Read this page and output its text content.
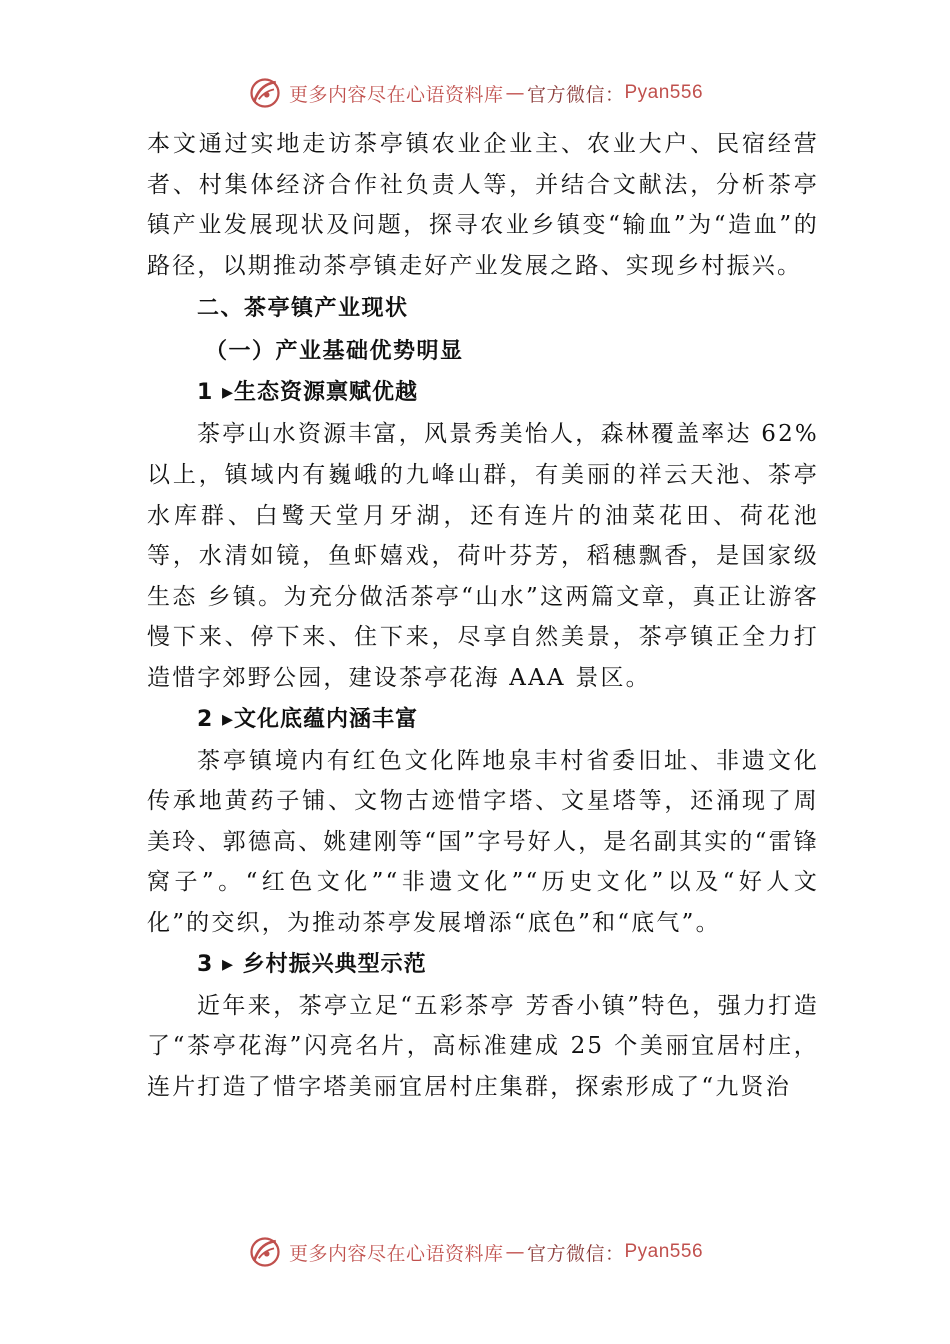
更多内容尽在心语资料库 — 官方微信： Pyan556

本文通过实地走访茶亭镇农业企业主、农业大户、民宿经营者、村集体经济合作社负责人等，并结合文献法，分析茶亭镇产业发展现状及问题，探寻农业乡镇变“输血”为“造血”的路径，以期推动茶亭镇走好产业发展之路、实现乡村振兴。

二、茶亭镇产业现状
（一）产业基础优势明显
1 ▸生态资源禀赋优越

茶亭山水资源丰富，风景秀美怡人，森林覆盖率达 62%以上，镇域内有巍峨的九峰山群，有美丽的祥云天池、茶亭水库群、白鹭天堂月牙湖，还有连片的油菜花田、荷花池等，水清如镜，鱼虾嬉戏，荷叶芬芳，稻穗飘香，是国家级生态 乡镇。为充分做活茶亭“山水”这两篇文章，真正让游客慢下来、停下来、住下来，尽享自然美景，茶亭镇正全力打造惜字郊野公园，建设茶亭花海 AAA 景区。

2 ▸文化底蕴内涵丰富

茶亭镇境内有红色文化阵地泉丰村省委旧址、非遗文化传承地黄药子铺、文物古迹惜字塔、文星塔等，还涌现了周美玲、郭德高、姚建刚等“国”字号好人，是名副其实的“雷锋窝子”。“红色文化”“非遗文化”“历史文化”以及“好人文化”的交织，为推动茶亭发展增添“底色”和“底气”。

3 ▸ 乡村振兴典型示范

近年来，茶亭立足“五彩茶亭 芳香小镇”特色，强力打造了“茶亭花海”闪亮名片，高标准建成 25 个美丽宜居村庄，连片打造了惜字塔美丽宜居村庄集群，探索形成了“九贤治

更多内容尽在心语资料库 — 官方微信： Pyan556
